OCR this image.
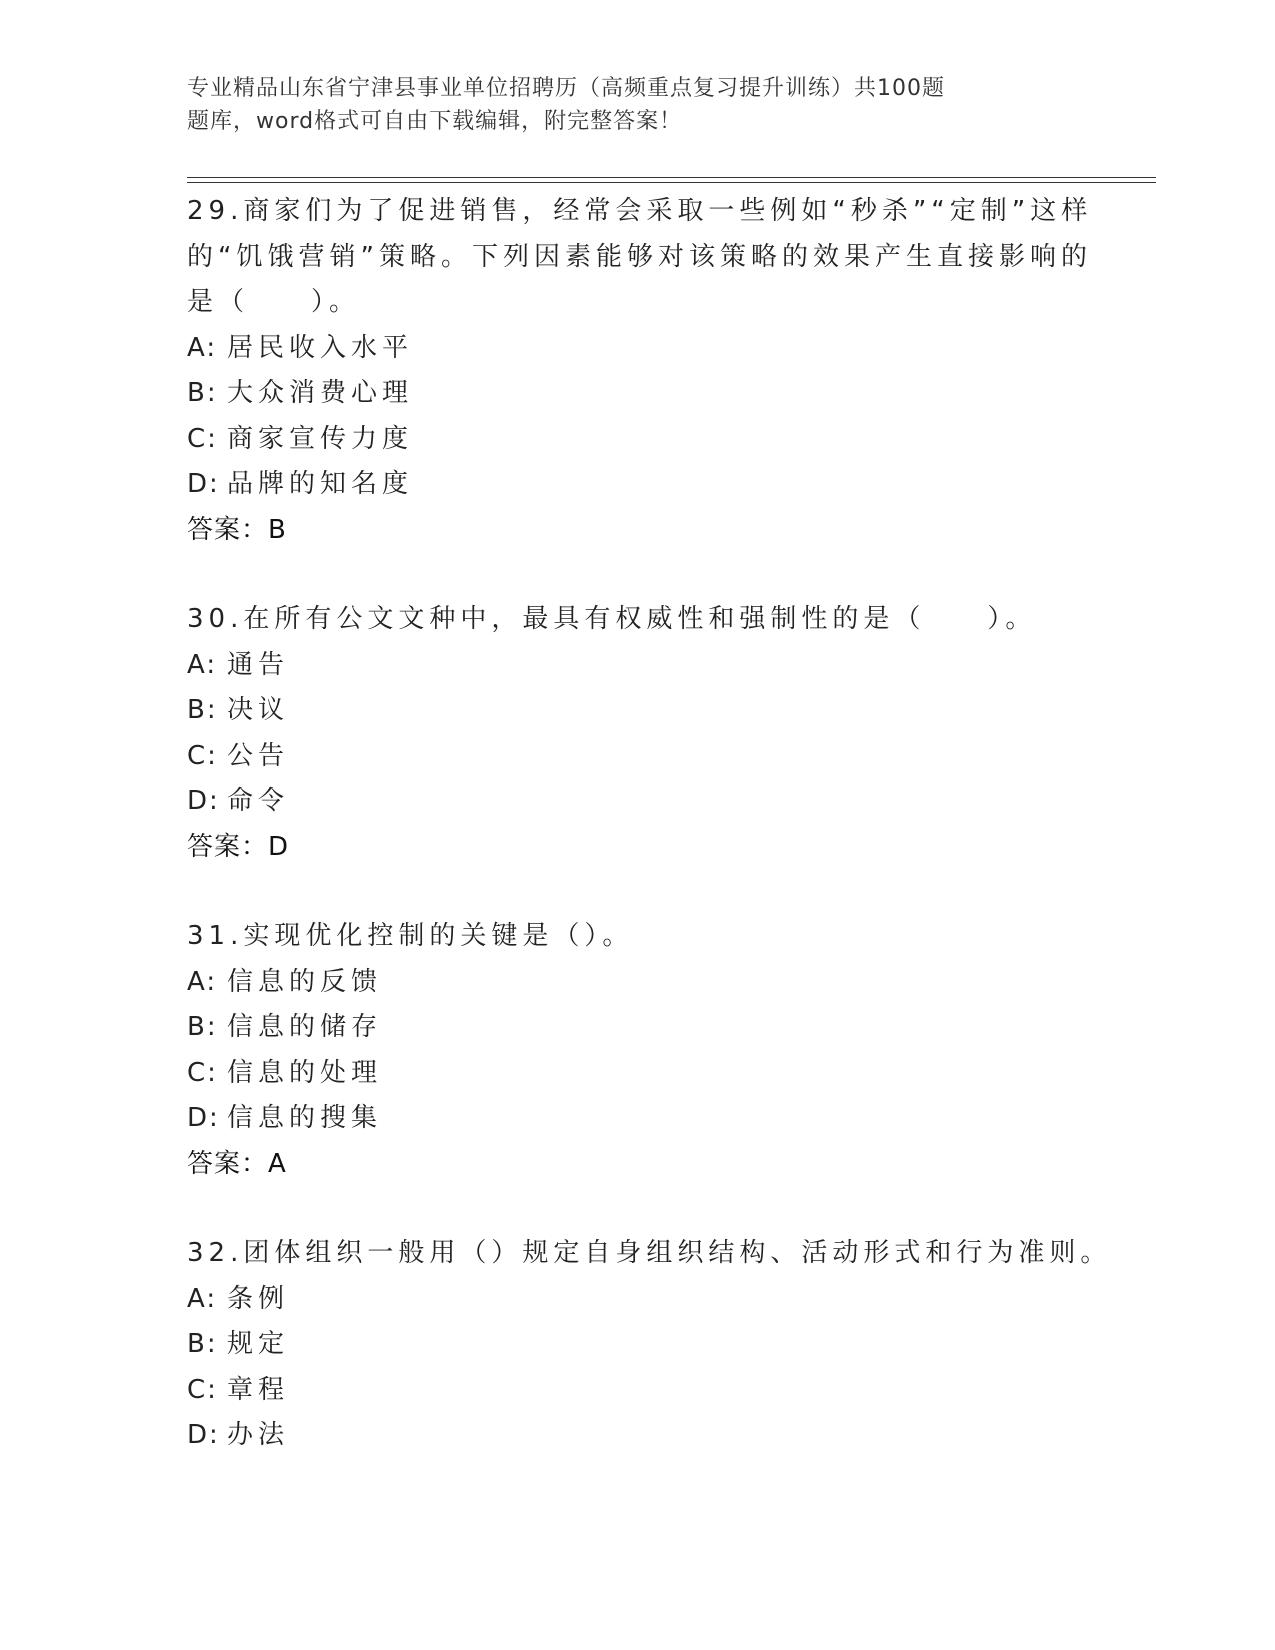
专业精品山东省宁津县事业单位招聘历（高频重点复习提升训练）共100题
题库，word格式可自由下载编辑，附完整答案！
29.商家们为了促进销售，经常会采取一些例如“秒杀”“定制”这样
的“饥饿营销”策略。下列因素能够对该策略的效果产生直接影响的
是（　　）。
A: 居民收入水平
B: 大众消费心理
C: 商家宣传力度
D: 品牌的知名度
答案：B
30.在所有公文文种中，最具有权威性和强制性的是（　　）。
A: 通告
B: 决议
C: 公告
D: 命令
答案：D
31.实现优化控制的关键是（）。
A: 信息的反馈
B: 信息的储存
C: 信息的处理
D: 信息的搜集
答案：A
32.团体组织一般用（）规定自身组织结构、活动形式和行为准则。
A: 条例
B: 规定
C: 章程
D: 办法
